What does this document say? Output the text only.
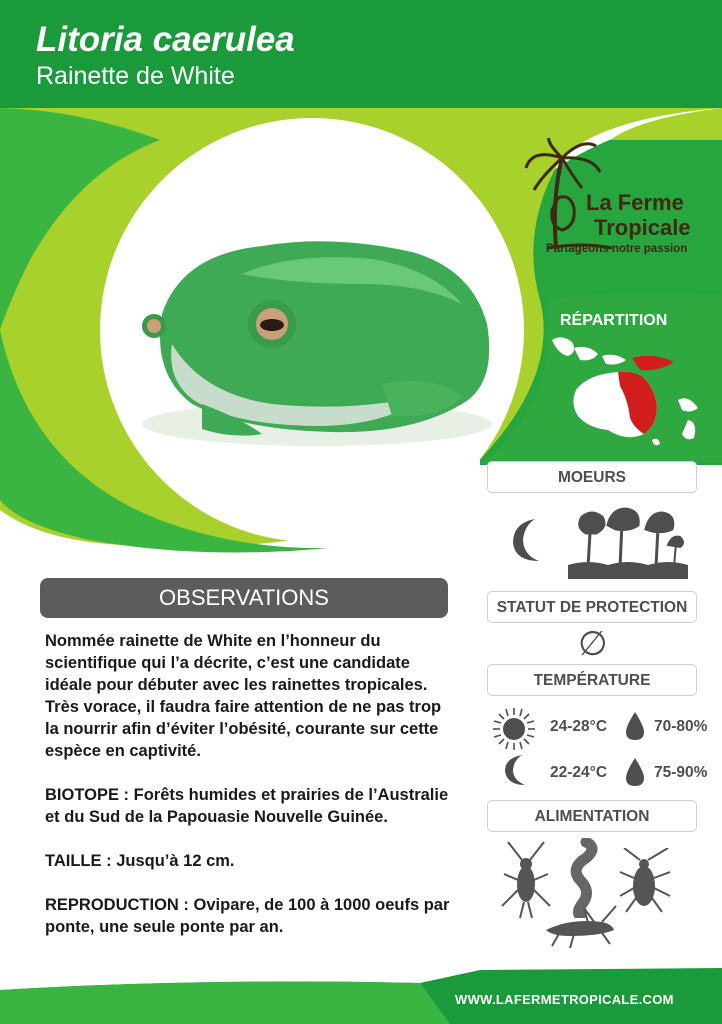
Litoria caerulea
Rainette de White
La Ferme
Tropicale
Partageons notre passion
RÉPARTITION
MOEURS
STATUT DE PROTECTION
∅
TEMPÉRATURE
24-28°C	70-80%
22-24°C	75-90%
ALIMENTATION
OBSERVATIONS

Nommée rainette de White en l’honneur du scientifique qui l’a décrite, c’est une candidate idéale pour débuter avec les rainettes tropicales. Très vorace, il faudra faire attention de ne pas trop la nourrir afin d’éviter l’obésité, courante sur cette espèce en captivité.

BIOTOPE : Forêts humides et prairies de l’Australie et du Sud de la Papouasie Nouvelle Guinée.

TAILLE : Jusqu’à 12 cm.

REPRODUCTION : Ovipare, de 100 à 1000 oeufs par ponte, une seule ponte par an.

WWW.LAFERMETROPICALE.COM
